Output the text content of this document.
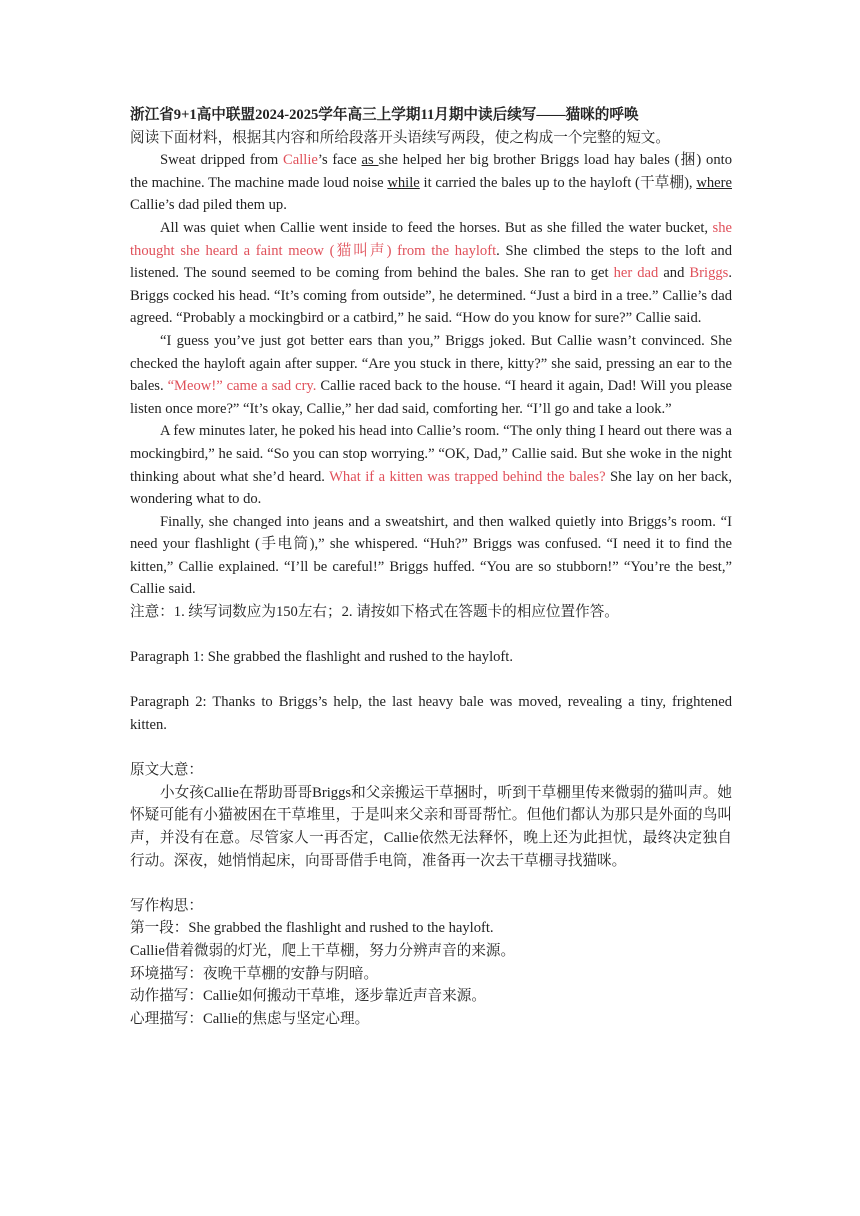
浙江省9+1高中联盟2024-2025学年高三上学期11月期中读后续写——猫咪的呼唤

阅读下面材料，根据其内容和所给段落开头语续写两段，使之构成一个完整的短文。

Sweat dripped from Callie’s face as she helped her big brother Briggs load hay bales (捆) onto the machine. The machine made loud noise while it carried the bales up to the hayloft (干草棚), where Callie’s dad piled them up.

All was quiet when Callie went inside to feed the horses. But as she filled the water bucket, she thought she heard a faint meow (猫叫声) from the hayloft. She climbed the steps to the loft and listened. The sound seemed to be coming from behind the bales. She ran to get her dad and Briggs. Briggs cocked his head. “It’s coming from outside”, he determined. “Just a bird in a tree.” Callie’s dad agreed. “Probably a mockingbird or a catbird,” he said. “How do you know for sure?” Callie said.

“I guess you’ve just got better ears than you,” Briggs joked. But Callie wasn’t convinced. She checked the hayloft again after supper. “Are you stuck in there, kitty?” she said, pressing an ear to the bales. “Meow!” came a sad cry. Callie raced back to the house. “I heard it again, Dad! Will you please listen once more?” “It’s okay, Callie,” her dad said, comforting her. “I’ll go and take a look.”

A few minutes later, he poked his head into Callie’s room. “The only thing I heard out there was a mockingbird,” he said. “So you can stop worrying.” “OK, Dad,” Callie said. But she woke in the night thinking about what she’d heard. What if a kitten was trapped behind the bales? She lay on her back, wondering what to do.

Finally, she changed into jeans and a sweatshirt, and then walked quietly into Briggs’s room. “I need your flashlight (手电筒),” she whispered. “Huh?” Briggs was confused. “I need it to find the kitten,” Callie explained. “I’ll be careful!” Briggs huffed. “You are so stubborn!” “You’re the best,” Callie said.

注意：1. 续写词数应为150左右；2. 请按如下格式在答题卡的相应位置作答。

Paragraph 1: She grabbed the flashlight and rushed to the hayloft.

Paragraph 2: Thanks to Briggs’s help, the last heavy bale was moved, revealing a tiny, frightened kitten.

原文大意：

小女孩Callie在帮助哥哥Briggs和父亲搬运干草捆时，听到干草棚里传来微弱的猫叫声。她怀疑可能有小猫被困在干草堆里，于是叫来父亲和哥哥帮忙。但他们都认为那只是外面的鸟叫声，并没有在意。尽管家人一再否定，Callie依然无法释怀，晚上还为此担忧，最终决定独自行动。深夜，她悄悄起床，向哥哥借手电筒，准备再一次去干草棚寻找猫咪。

写作构思：

第一段：She grabbed the flashlight and rushed to the hayloft.

Callie借着微弱的灯光，爬上干草棚，努力分辨声音的来源。

环境描写：夜晚干草棚的安静与阴暗。

动作描写：Callie如何搬动干草堆，逐步靠近声音来源。

心理描写：Callie的焦虑与坚定心理。
